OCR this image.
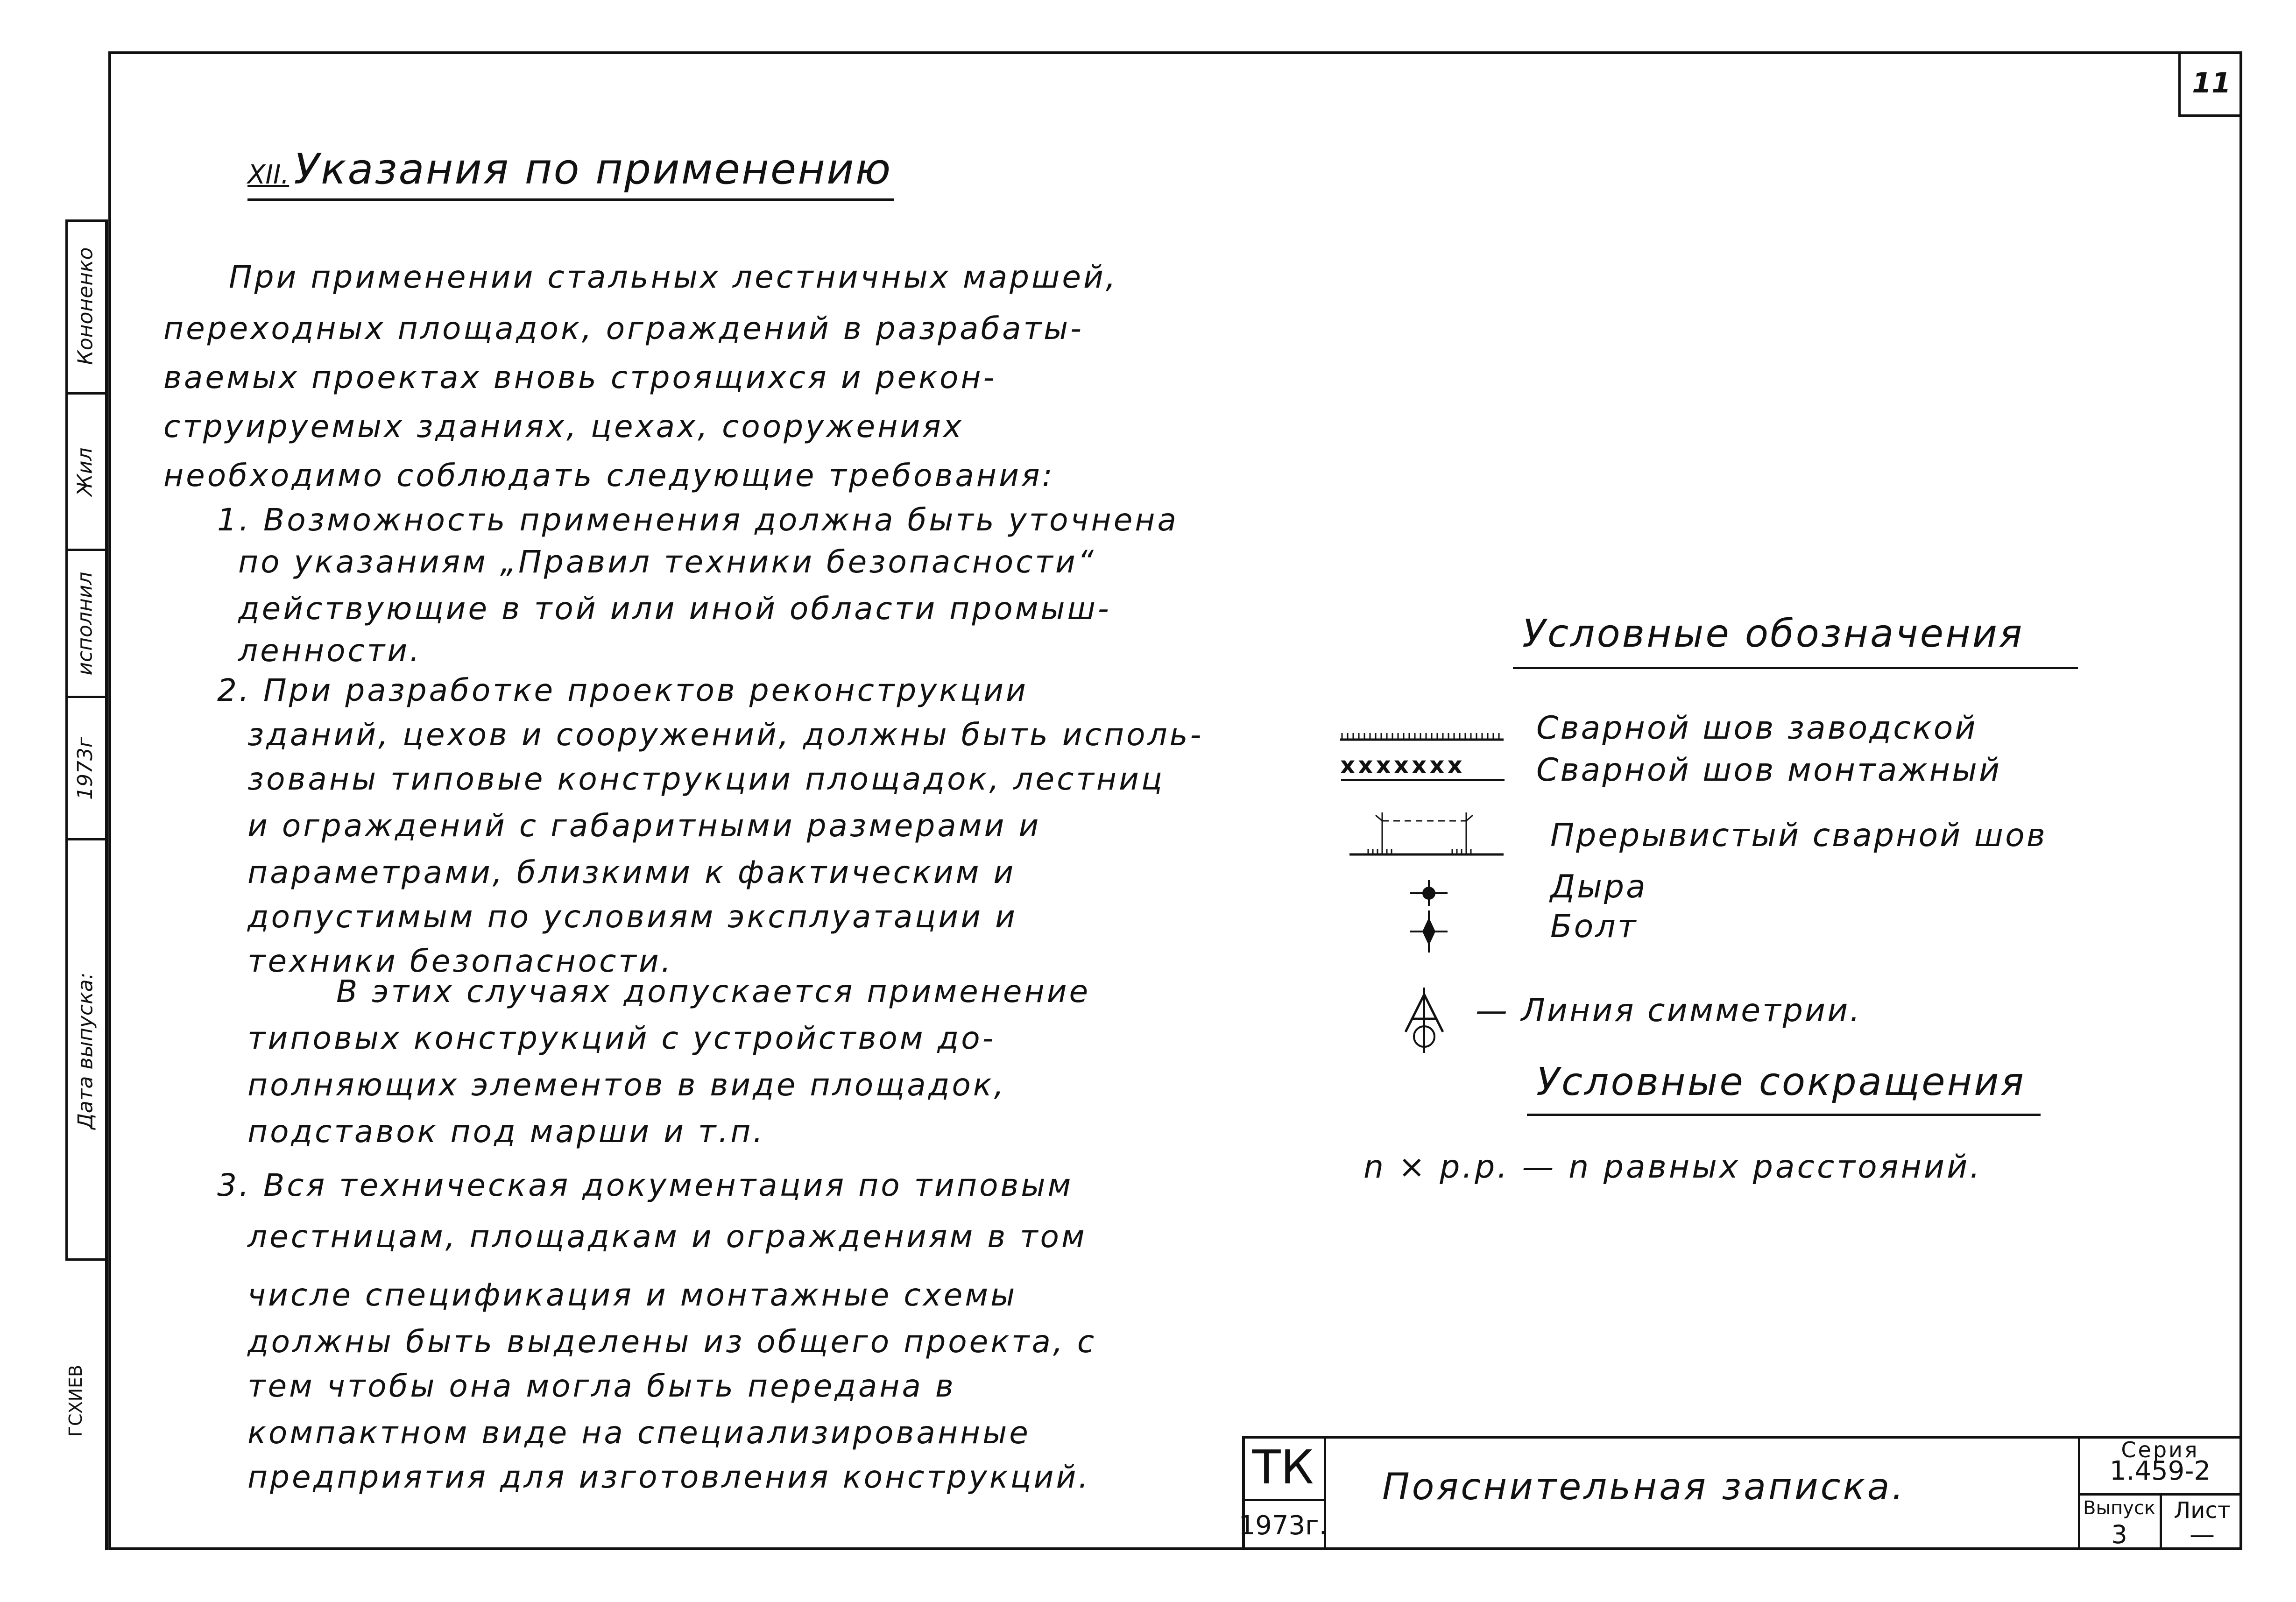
Кононенко
Жил
исполнил
1973г
Дата выпуска:
ГСХИЕВ
11
XII. Указания по применению
При применении стальных лестничных маршей,
переходных площадок, ограждений в разрабаты-
ваемых проектах вновь строящихся и рекон-
струируемых зданиях, цехах, сооружениях
необходимо соблюдать следующие требования:
1. Возможность применения должна быть уточнена
по указаниям „Правил техники безопасности“
действующие в той или иной области промыш-
ленности.
2. При разработке проектов реконструкции
зданий, цехов и сооружений, должны быть исполь-
зованы типовые конструкции площадок, лестниц
и ограждений с габаритными размерами и
параметрами, близкими к фактическим и
допустимым по условиям эксплуатации и
техники безопасности.
В этих случаях допускается применение
типовых конструкций с устройством до-
полняющих элементов в виде площадок,
подставок под марши и т.п.
3. Вся техническая документация по типовым
лестницам, площадкам и ограждениям в том
числе спецификация и монтажные схемы
должны быть выделены из общего проекта, с
тем чтобы она могла быть передана в
компактном виде на специализированные
предприятия для изготовления конструкций.
Условные обозначения
xxxxxxx
Сварной шов заводской
Сварной шов монтажный
Прерывистый сварной шов
Дыра
Болт
— Линия симметрии.
Условные сокращения
n × р.р. — n равных расстояний.
ТК
1973г.
Пояснительная записка.
Серия
1.459-2
Выпуск Лист
3	—
